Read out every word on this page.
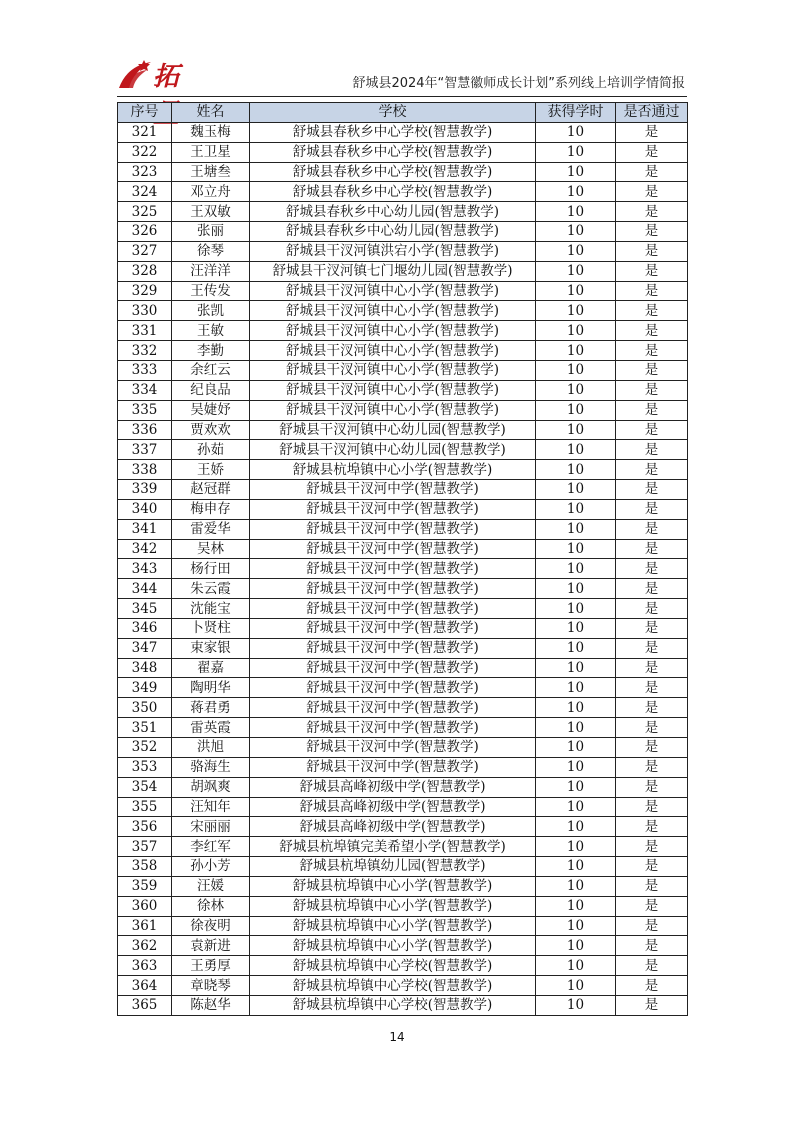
拓	舒城县2024年“智慧徽师成长计划”系列线上培训学情简报
序号	姓名	学校	获得学时	是否通过
321	魏玉梅	舒城县春秋乡中心学校(智慧教学)	10	是
322	王卫星	舒城县春秋乡中心学校(智慧教学)	10	是
323	王塘叁	舒城县春秋乡中心学校(智慧教学)	10	是
324	邓立舟	舒城县春秋乡中心学校(智慧教学)	10	是
325	王双敏	舒城县春秋乡中心幼儿园(智慧教学)	10	是
326	张丽	舒城县春秋乡中心幼儿园(智慧教学)	10	是
327	徐琴	舒城县干汊河镇洪宕小学(智慧教学)	10	是
328	汪洋洋	舒城县干汊河镇七门堰幼儿园(智慧教学)	10	是
329	王传发	舒城县干汊河镇中心小学(智慧教学)	10	是
330	张凯	舒城县干汊河镇中心小学(智慧教学)	10	是
331	王敏	舒城县干汊河镇中心小学(智慧教学)	10	是
332	李勤	舒城县干汊河镇中心小学(智慧教学)	10	是
333	余红云	舒城县干汊河镇中心小学(智慧教学)	10	是
334	纪良品	舒城县干汊河镇中心小学(智慧教学)	10	是
335	吴婕妤	舒城县干汊河镇中心小学(智慧教学)	10	是
336	贾欢欢	舒城县干汊河镇中心幼儿园(智慧教学)	10	是
337	孙茹	舒城县干汊河镇中心幼儿园(智慧教学)	10	是
338	王娇	舒城县杭埠镇中心小学(智慧教学)	10	是
339	赵冠群	舒城县干汊河中学(智慧教学)	10	是
340	梅申存	舒城县干汊河中学(智慧教学)	10	是
341	雷爱华	舒城县干汊河中学(智慧教学)	10	是
342	吴林	舒城县干汊河中学(智慧教学)	10	是
343	杨行田	舒城县干汊河中学(智慧教学)	10	是
344	朱云霞	舒城县干汊河中学(智慧教学)	10	是
345	沈能宝	舒城县干汊河中学(智慧教学)	10	是
346	卜贤柱	舒城县干汊河中学(智慧教学)	10	是
347	束家银	舒城县干汊河中学(智慧教学)	10	是
348	翟嘉	舒城县干汊河中学(智慧教学)	10	是
349	陶明华	舒城县干汊河中学(智慧教学)	10	是
350	蒋君勇	舒城县干汊河中学(智慧教学)	10	是
351	雷英霞	舒城县干汊河中学(智慧教学)	10	是
352	洪旭	舒城县干汊河中学(智慧教学)	10	是
353	骆海生	舒城县干汊河中学(智慧教学)	10	是
354	胡飒爽	舒城县高峰初级中学(智慧教学)	10	是
355	汪知年	舒城县高峰初级中学(智慧教学)	10	是
356	宋丽丽	舒城县高峰初级中学(智慧教学)	10	是
357	李红军	舒城县杭埠镇完美希望小学(智慧教学)	10	是
358	孙小芳	舒城县杭埠镇幼儿园(智慧教学)	10	是
359	汪媛	舒城县杭埠镇中心小学(智慧教学)	10	是
360	徐林	舒城县杭埠镇中心小学(智慧教学)	10	是
361	徐夜明	舒城县杭埠镇中心小学(智慧教学)	10	是
362	袁新进	舒城县杭埠镇中心小学(智慧教学)	10	是
363	王勇厚	舒城县杭埠镇中心学校(智慧教学)	10	是
364	章晓琴	舒城县杭埠镇中心学校(智慧教学)	10	是
365	陈赵华	舒城县杭埠镇中心学校(智慧教学)	10	是
14
